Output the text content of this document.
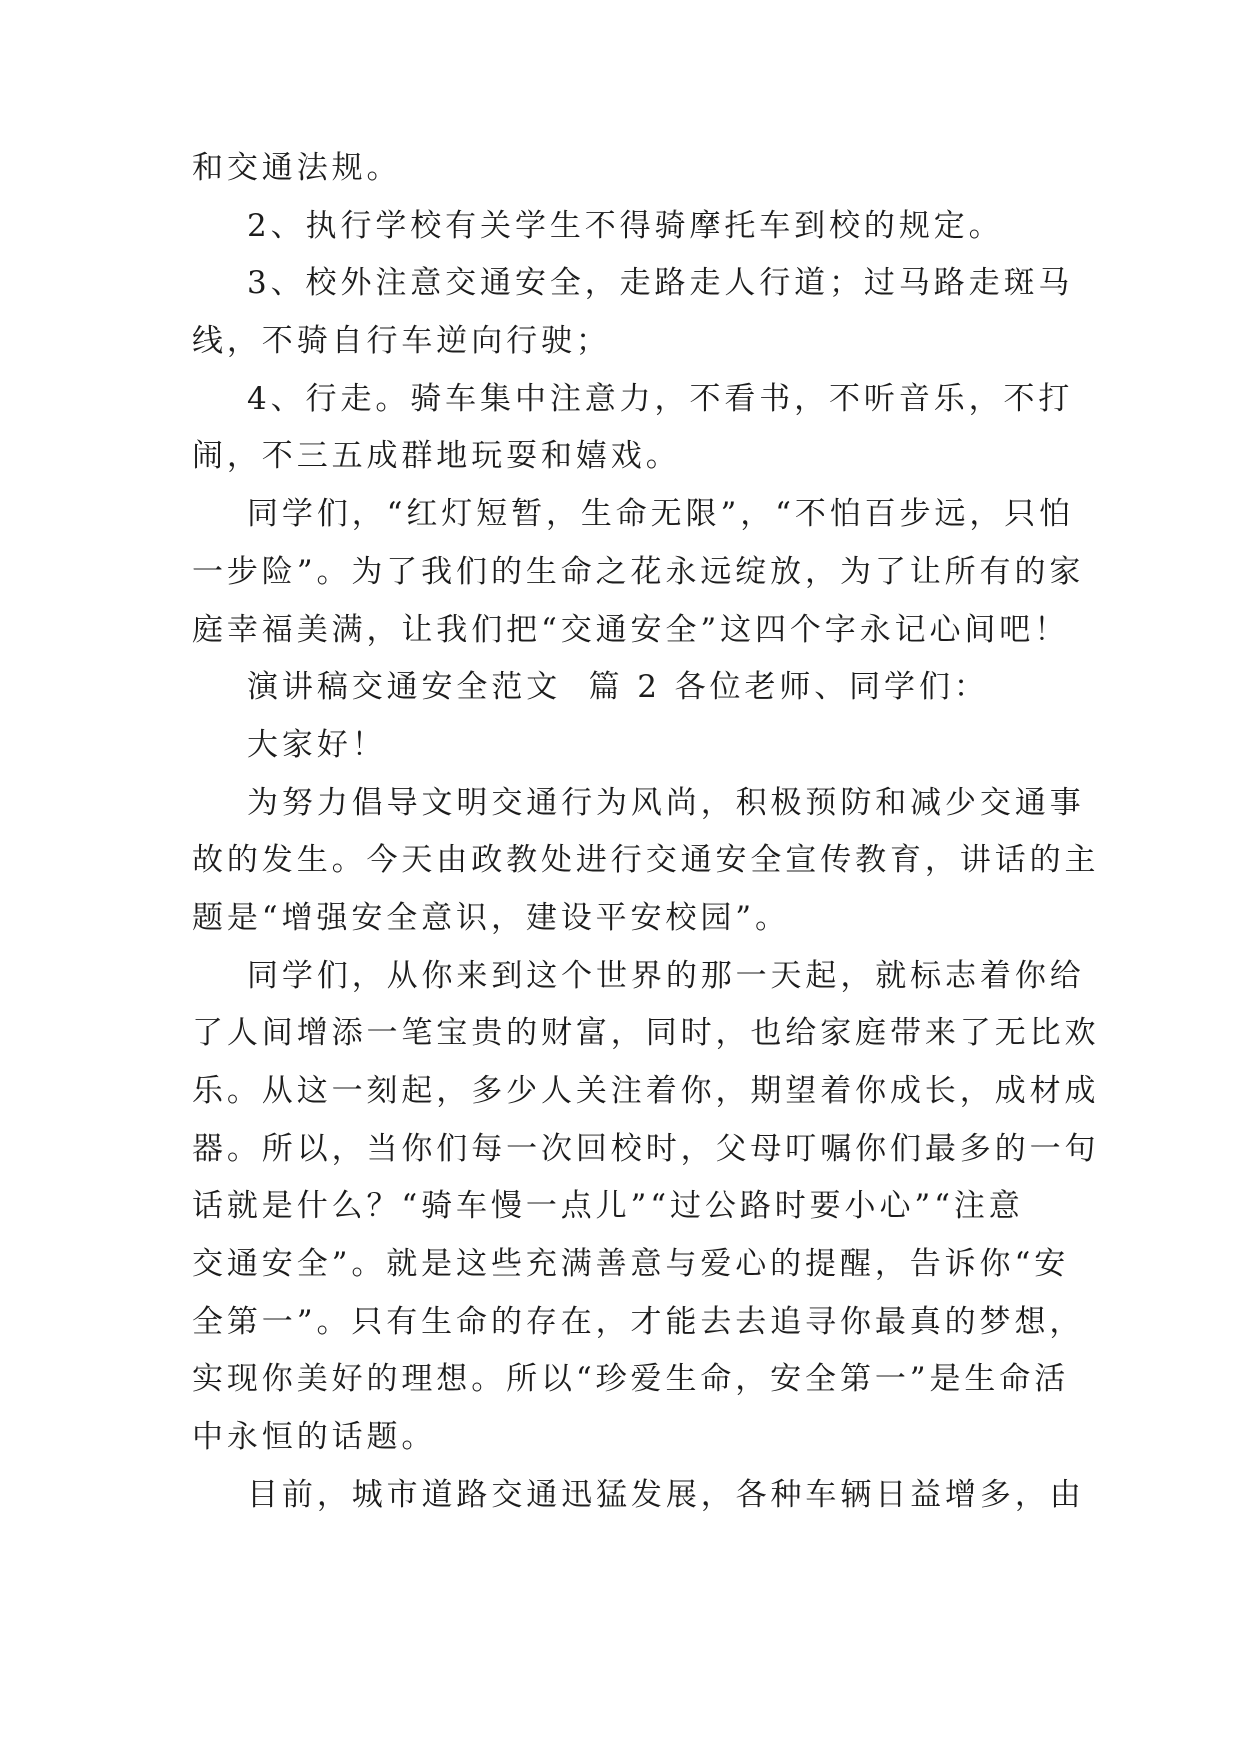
和交通法规。

2、执行学校有关学生不得骑摩托车到校的规定。

3、校外注意交通安全，走路走人行道；过马路走斑马

线，不骑自行车逆向行驶；

4、行走。骑车集中注意力，不看书，不听音乐，不打

闹，不三五成群地玩耍和嬉戏。

同学们，“红灯短暂，生命无限”，“不怕百步远，只怕

一步险”。为了我们的生命之花永远绽放，为了让所有的家

庭幸福美满，让我们把“交通安全”这四个字永记心间吧！

演讲稿交通安全范文  篇 2 各位老师、同学们：

大家好！

为努力倡导文明交通行为风尚，积极预防和减少交通事

故的发生。今天由政教处进行交通安全宣传教育，讲话的主

题是“增强安全意识，建设平安校园”。

同学们，从你来到这个世界的那一天起，就标志着你给

了人间增添一笔宝贵的财富，同时，也给家庭带来了无比欢

乐。从这一刻起，多少人关注着你，期望着你成长，成材成

器。所以，当你们每一次回校时，父母叮嘱你们最多的一句

话就是什么？“骑车慢一点儿”“过公路时要小心”“注意

交通安全”。就是这些充满善意与爱心的提醒，告诉你“安

全第一”。只有生命的存在，才能去去追寻你最真的梦想，

实现你美好的理想。所以“珍爱生命，安全第一”是生命活

中永恒的话题。

目前，城市道路交通迅猛发展，各种车辆日益增多，由
